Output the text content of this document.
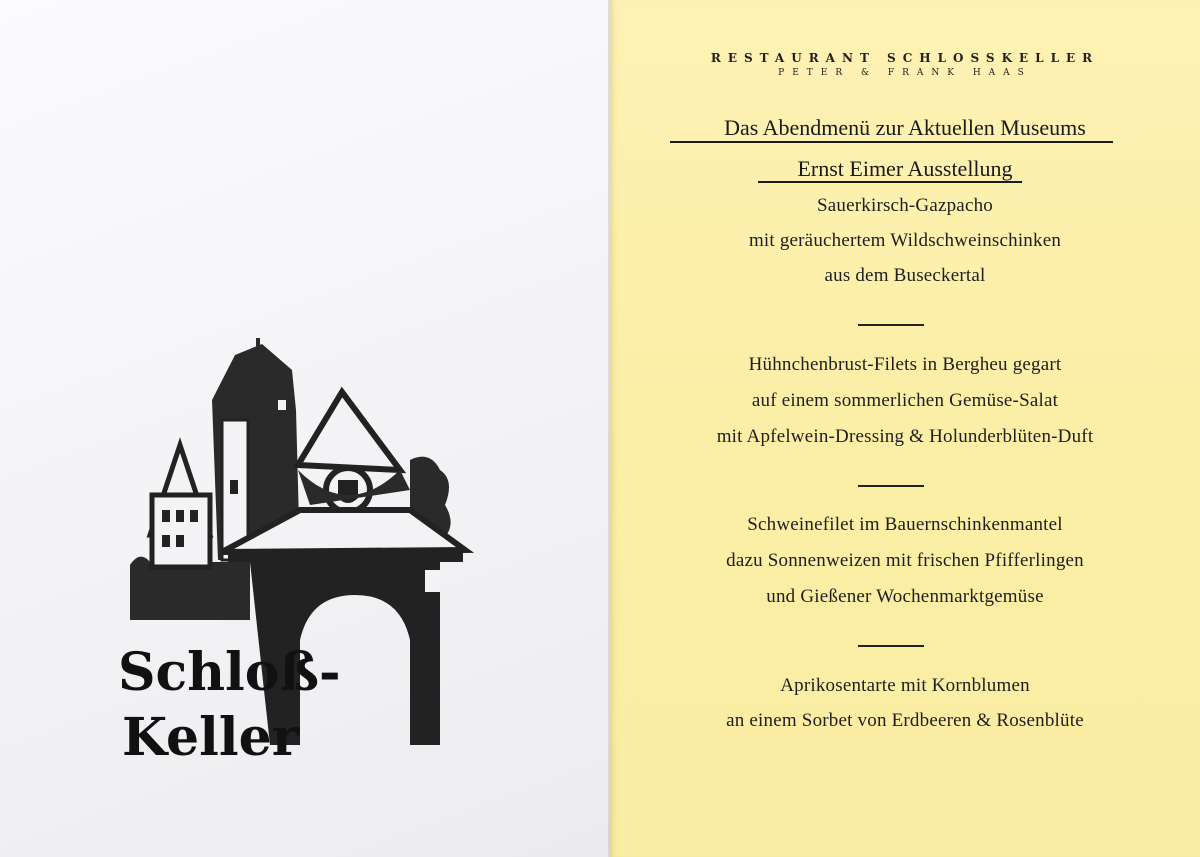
Schloß-
Keller
RESTAURANT SCHLOSSKELLER
PETER & FRANK HAAS
Das Abendmenü zur Aktuellen Museums
Ernst Eimer Ausstellung
Sauerkirsch-Gazpacho
mit geräuchertem Wildschweinschinken
aus dem Buseckertal
Hühnchenbrust-Filets in Bergheu gegart
auf einem sommerlichen Gemüse-Salat
mit Apfelwein-Dressing & Holunderblüten-Duft
Schweinefilet im Bauernschinkenmantel
dazu Sonnenweizen mit frischen Pfifferlingen
und Gießener Wochenmarktgemüse
Aprikosentarte mit Kornblumen
an einem Sorbet von Erdbeeren & Rosenblüte
